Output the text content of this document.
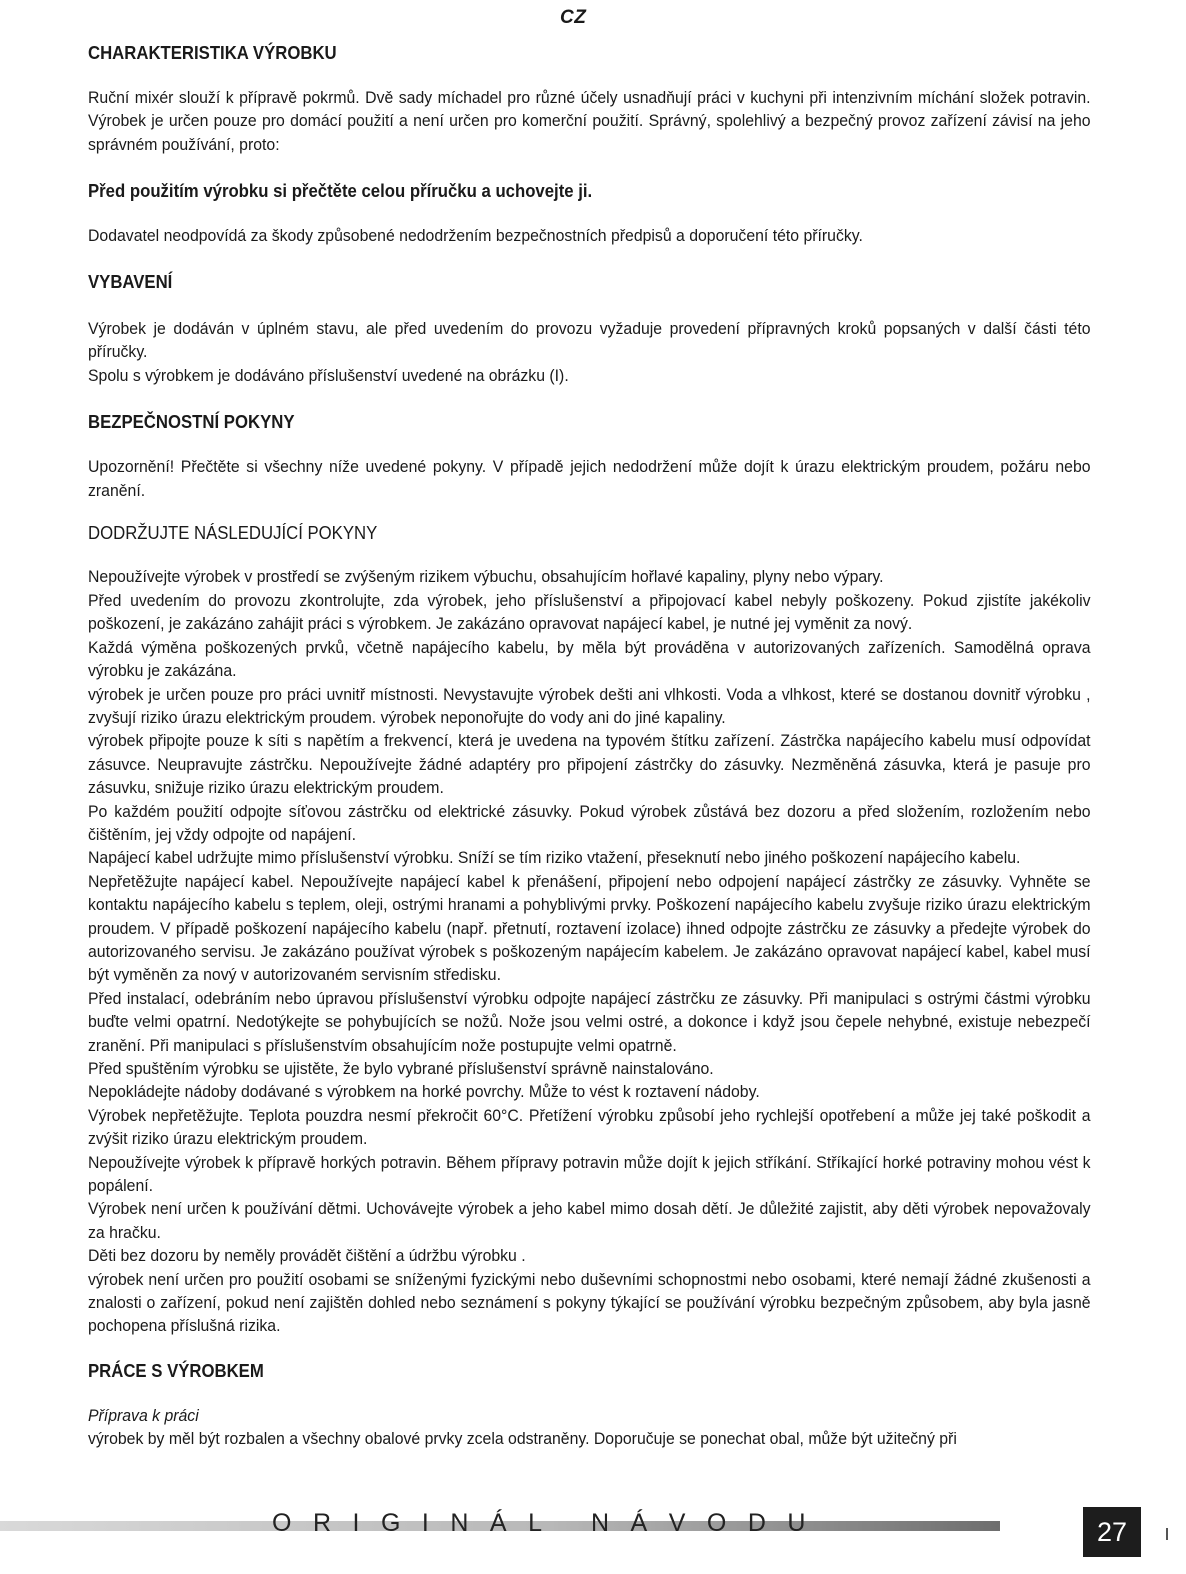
CZ
CHARAKTERISTIKA VÝROBKU

Ruční mixér slouží k přípravě pokrmů. Dvě sady míchadel pro různé účely usnadňují práci v kuchyni při intenzivním míchání složek potravin. Výrobek je určen pouze pro domácí použití a není určen pro komerční použití. Správný, spolehlivý a bezpečný provoz zařízení závisí na jeho správném používání, proto:

Před použitím výrobku si přečtěte celou příručku a uchovejte ji.

Dodavatel neodpovídá za škody způsobené nedodržením bezpečnostních předpisů a doporučení této příručky.

VYBAVENÍ

Výrobek je dodáván v úplném stavu, ale před uvedením do provozu vyžaduje provedení přípravných kroků popsaných v další části této příručky.

Spolu s výrobkem je dodáváno příslušenství uvedené na obrázku (I).

BEZPEČNOSTNÍ POKYNY

Upozornění! Přečtěte si všechny níže uvedené pokyny. V případě jejich nedodržení může dojít k úrazu elektrickým proudem, požáru nebo zranění.

DODRŽUJTE NÁSLEDUJÍCÍ POKYNY

Nepoužívejte výrobek v prostředí se zvýšeným rizikem výbuchu, obsahujícím hořlavé kapaliny, plyny nebo výpary.

Před uvedením do provozu zkontrolujte, zda výrobek, jeho příslušenství a připojovací kabel nebyly poškozeny. Pokud zjistíte jakékoliv poškození, je zakázáno zahájit práci s výrobkem. Je zakázáno opravovat napájecí kabel, je nutné jej vyměnit za nový.

Každá výměna poškozených prvků, včetně napájecího kabelu, by měla být prováděna v autorizovaných zařízeních. Samodělná oprava výrobku je zakázána.

výrobek je určen pouze pro práci uvnitř místnosti. Nevystavujte výrobek dešti ani vlhkosti. Voda a vlhkost, které se dostanou dovnitř výrobku , zvyšují riziko úrazu elektrickým proudem. výrobek neponořujte do vody ani do jiné kapaliny.

výrobek připojte pouze k síti s napětím a frekvencí, která je uvedena na typovém štítku zařízení. Zástrčka napájecího kabelu musí odpovídat zásuvce. Neupravujte zástrčku. Nepoužívejte žádné adaptéry pro připojení zástrčky do zásuvky. Nezměněná zásuvka, která je pasuje pro zásuvku, snižuje riziko úrazu elektrickým proudem.

Po každém použití odpojte síťovou zástrčku od elektrické zásuvky. Pokud výrobek zůstává bez dozoru a před složením, rozložením nebo čištěním, jej vždy odpojte od napájení.

Napájecí kabel udržujte mimo příslušenství výrobku. Sníží se tím riziko vtažení, přeseknutí nebo jiného poškození napájecího kabelu.

Nepřetěžujte napájecí kabel. Nepoužívejte napájecí kabel k přenášení, připojení nebo odpojení napájecí zástrčky ze zásuvky. Vyhněte se kontaktu napájecího kabelu s teplem, oleji, ostrými hranami a pohyblivými prvky. Poškození napájecího kabelu zvyšuje riziko úrazu elektrickým proudem. V případě poškození napájecího kabelu (např. přetnutí, roztavení izolace) ihned odpojte zástrčku ze zásuvky a předejte výrobek do autorizovaného servisu. Je zakázáno používat výrobek s poškozeným napájecím kabelem. Je zakázáno opravovat napájecí kabel, kabel musí být vyměněn za nový v autorizovaném servisním středisku.

Před instalací, odebráním nebo úpravou příslušenství výrobku odpojte napájecí zástrčku ze zásuvky. Při manipulaci s ostrými částmi výrobku buďte velmi opatrní. Nedotýkejte se pohybujících se nožů. Nože jsou velmi ostré, a dokonce i když jsou čepele nehybné, existuje nebezpečí zranění. Při manipulaci s příslušenstvím obsahujícím nože postupujte velmi opatrně.

Před spuštěním výrobku se ujistěte, že bylo vybrané příslušenství správně nainstalováno.

Nepokládejte nádoby dodávané s výrobkem na horké povrchy. Může to vést k roztavení nádoby.

Výrobek nepřetěžujte. Teplota pouzdra nesmí překročit 60°C. Přetížení výrobku způsobí jeho rychlejší opotřebení a může jej také poškodit a zvýšit riziko úrazu elektrickým proudem.

Nepoužívejte výrobek k přípravě horkých potravin. Během přípravy potravin může dojít k jejich stříkání. Stříkající horké potraviny mohou vést k popálení.

Výrobek není určen k používání dětmi. Uchovávejte výrobek a jeho kabel mimo dosah dětí. Je důležité zajistit, aby děti výrobek nepovažovaly za hračku.

Děti bez dozoru by neměly provádět čištění a údržbu výrobku .

výrobek není určen pro použití osobami se sníženými fyzickými nebo duševními schopnostmi nebo osobami, které nemají žádné zkušenosti a znalosti o zařízení, pokud není zajištěn dohled nebo seznámení s pokyny týkající se používání výrobku bezpečným způsobem, aby byla jasně pochopena příslušná rizika.

PRÁCE S VÝROBKEM

Příprava k práci

výrobek by měl být rozbalen a všechny obalové prvky zcela odstraněny. Doporučuje se ponechat obal, může být užitečný při

ORIGINÁL NÁVODU	27
